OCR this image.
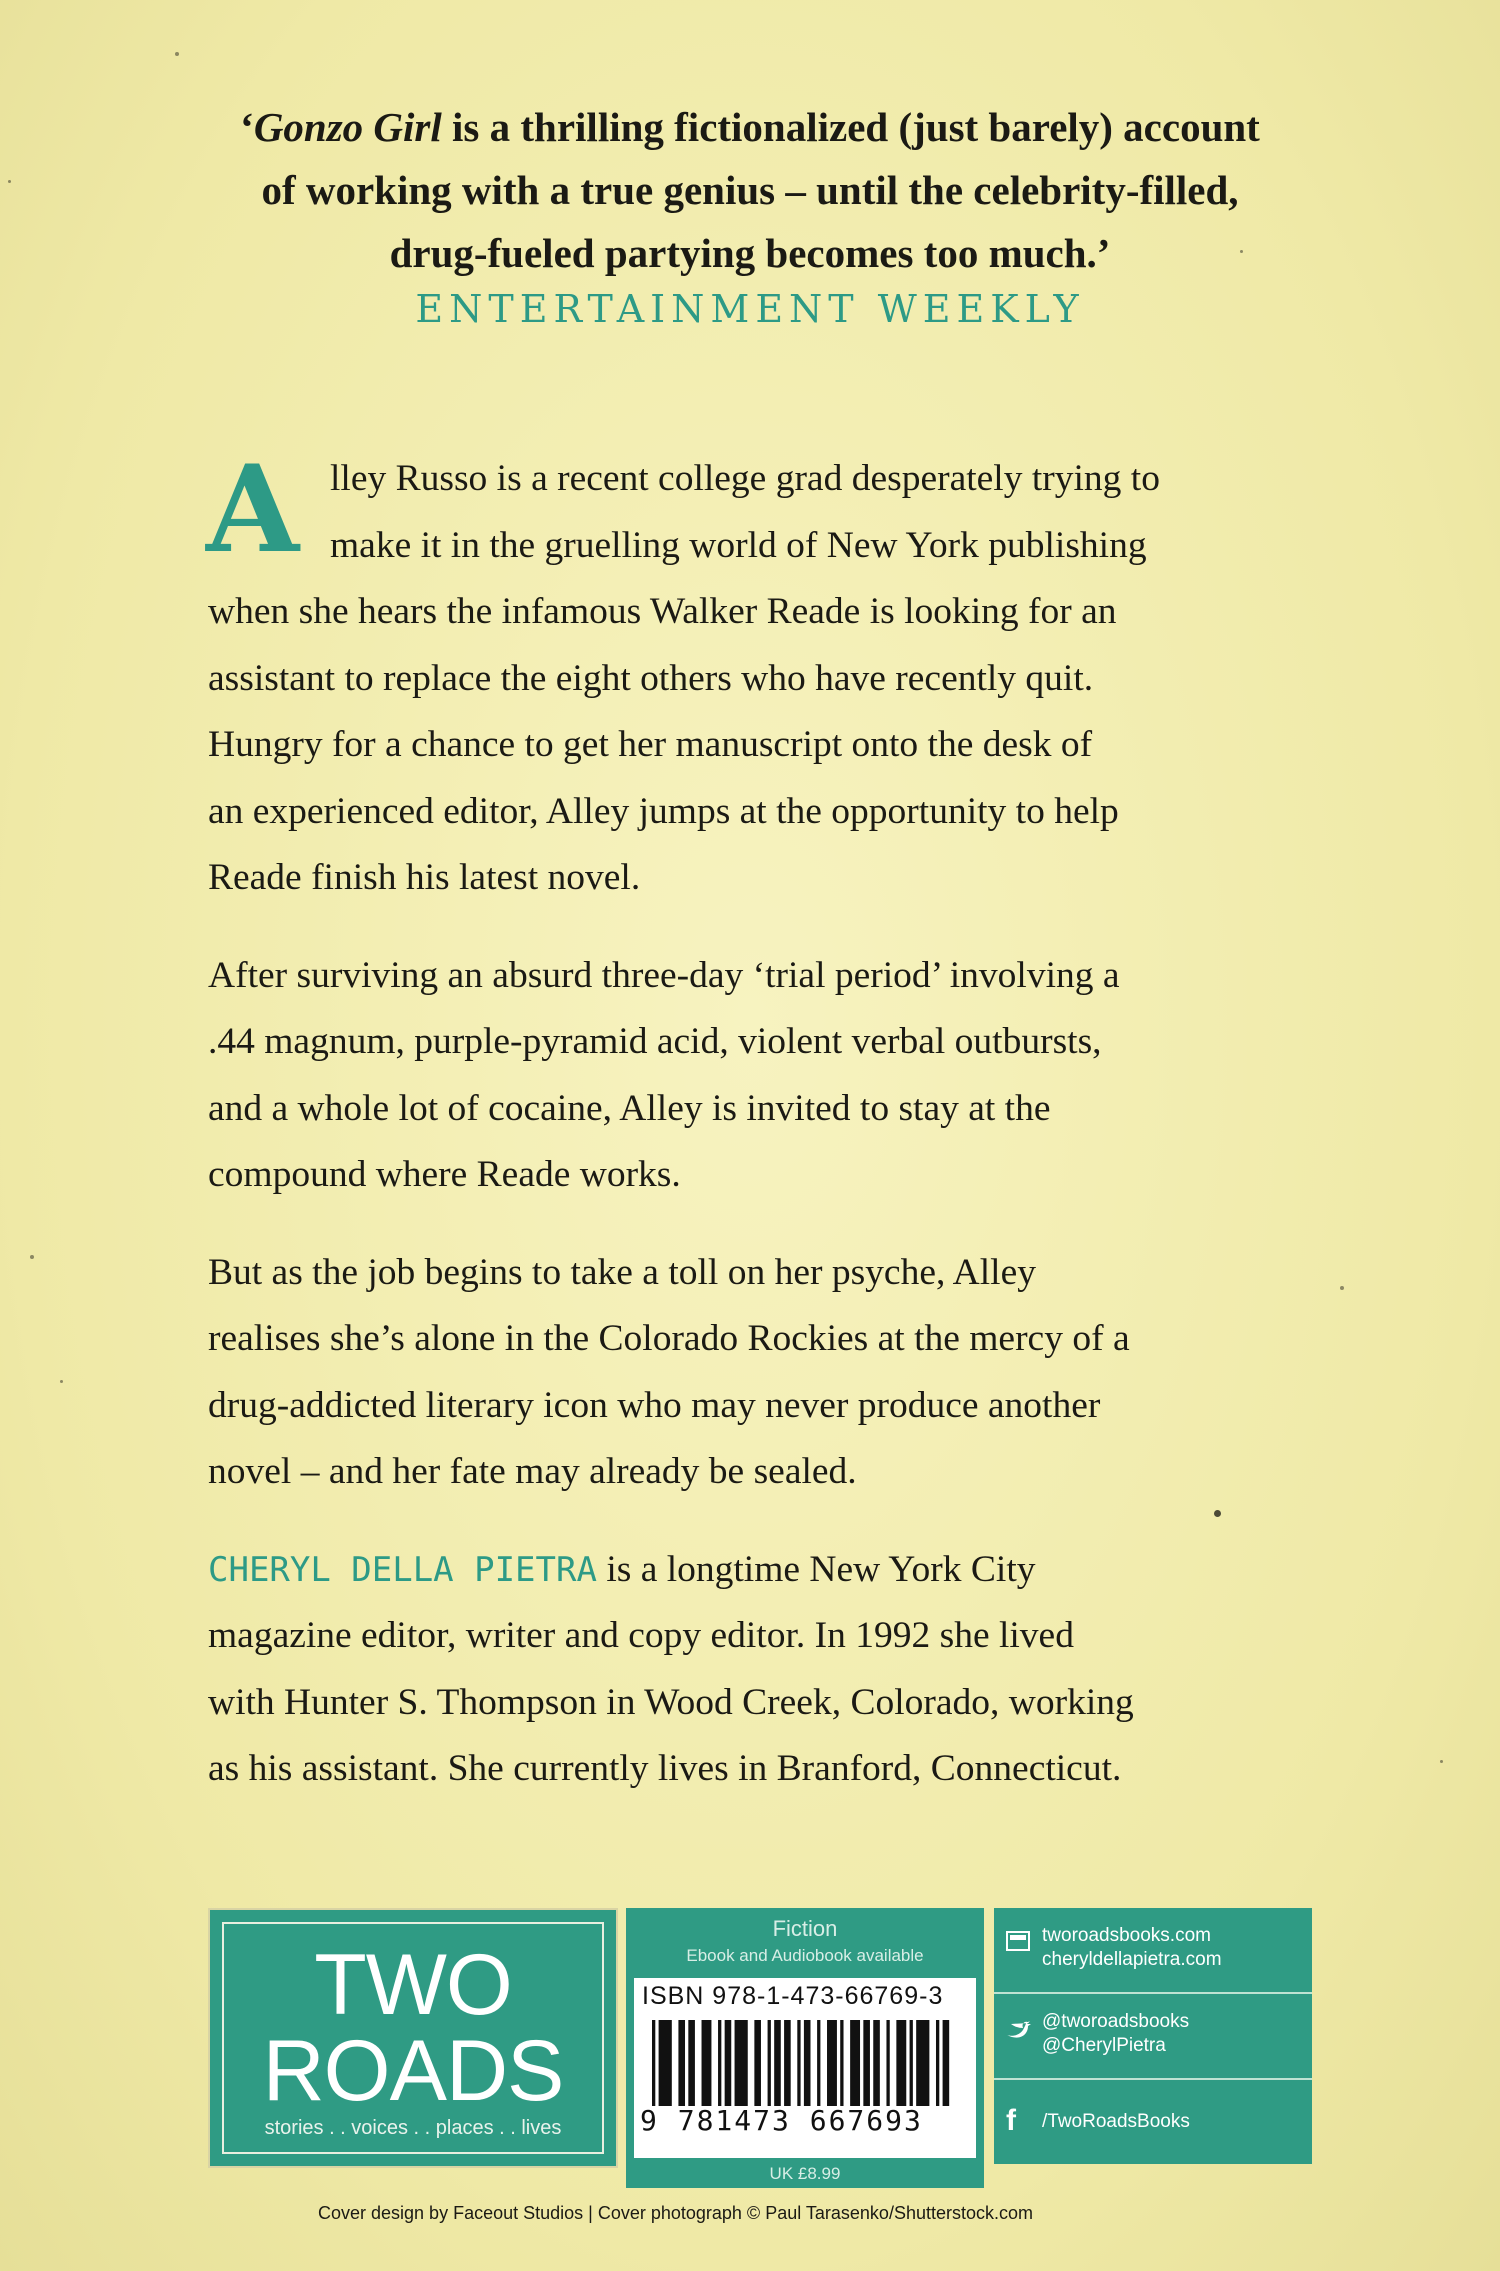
‘Gonzo Girl is a thrilling fictionalized (just barely) account
of working with a true genius – until the celebrity-filled,
drug-fueled partying becomes too much.’
ENTERTAINMENT WEEKLY
A lley Russo is a recent college grad desperately trying to
make it in the gruelling world of New York publishing
when she hears the infamous Walker Reade is looking for an
assistant to replace the eight others who have recently quit.
Hungry for a chance to get her manuscript onto the desk of
an experienced editor, Alley jumps at the opportunity to help
Reade finish his latest novel.
After surviving an absurd three-day ‘trial period’ involving a
.44 magnum, purple-pyramid acid, violent verbal outbursts,
and a whole lot of cocaine, Alley is invited to stay at the
compound where Reade works.
But as the job begins to take a toll on her psyche, Alley
realises she’s alone in the Colorado Rockies at the mercy of a
drug-addicted literary icon who may never produce another
novel – and her fate may already be sealed.
CHERYL DELLA PIETRA is a longtime New York City
magazine editor, writer and copy editor. In 1992 she lived
with Hunter S. Thompson in Wood Creek, Colorado, working
as his assistant. She currently lives in Branford, Connecticut.
TWO
ROADS
stories . . voices . . places . . lives
Fiction
Ebook and Audiobook available
ISBN 978-1-473-66769-3
9 781473 667693
UK £8.99
tworoadsbooks.com
cheryldellapietra.com
@tworoadsbooks
@CherylPietra
f /TwoRoadsBooks
Cover design by Faceout Studios | Cover photograph © Paul Tarasenko/Shutterstock.com
